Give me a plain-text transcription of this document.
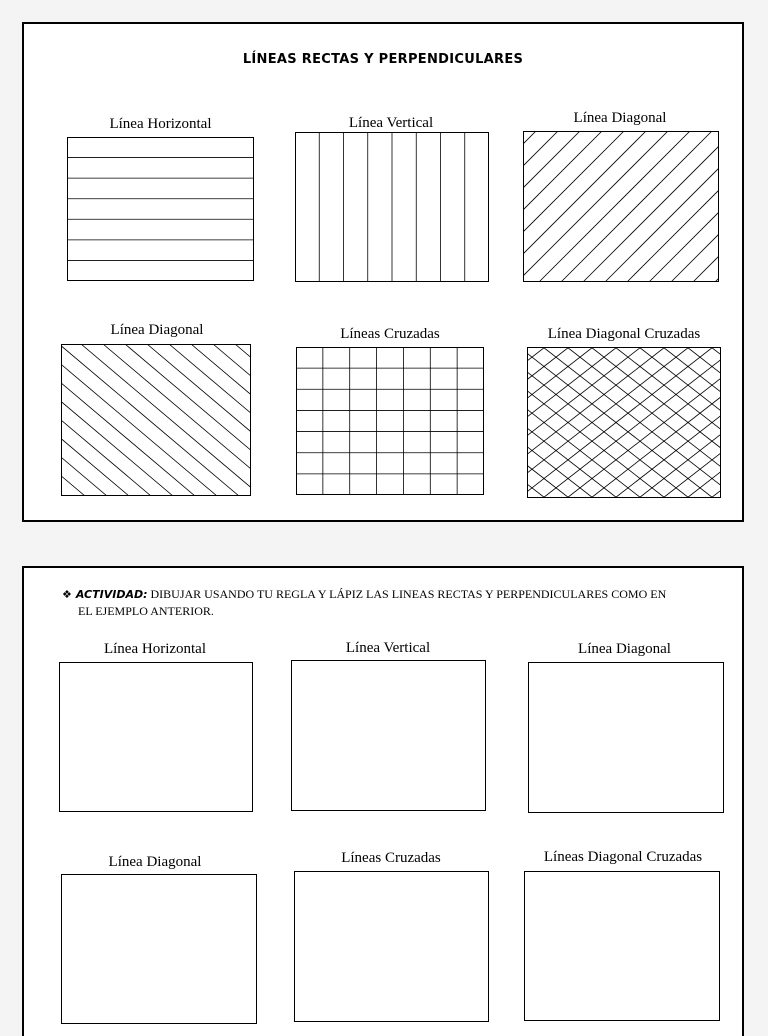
LÍNEAS RECTAS Y PERPENDICULARES
Línea Horizontal	Línea Vertical	Línea Diagonal
Línea Diagonal	Líneas Cruzadas	Línea Diagonal Cruzadas
❖ ACTIVIDAD: DIBUJAR USANDO TU REGLA Y LÁPIZ LAS LINEAS RECTAS Y PERPENDICULARES COMO EN
EL EJEMPLO ANTERIOR.
Línea Horizontal	Línea Vertical	Línea Diagonal
Línea Diagonal	Líneas Cruzadas	Líneas Diagonal Cruzadas
